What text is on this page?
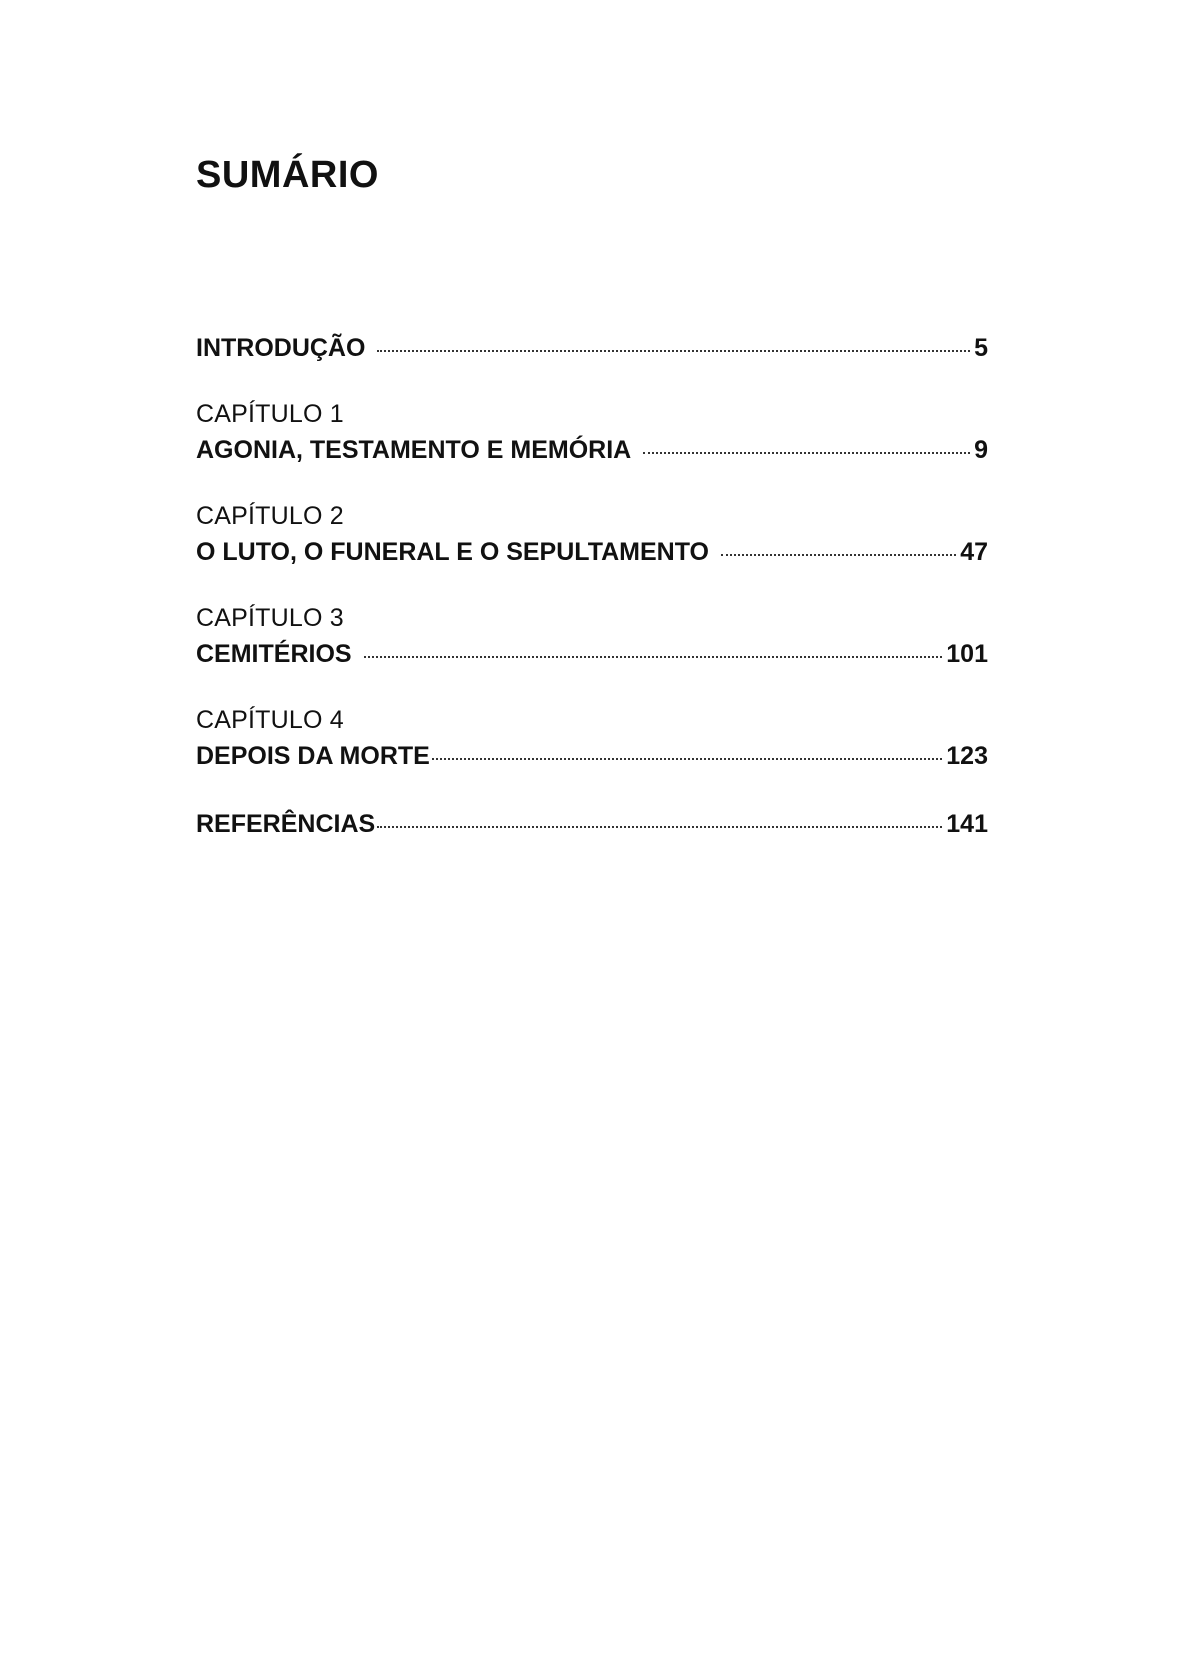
SUMÁRIO
INTRODUÇÃO	5
CAPÍTULO 1
AGONIA, TESTAMENTO E MEMÓRIA	9
CAPÍTULO 2
O LUTO, O FUNERAL E O SEPULTAMENTO	47
CAPÍTULO 3
CEMITÉRIOS	101
CAPÍTULO 4
DEPOIS DA MORTE	123
REFERÊNCIAS	141
